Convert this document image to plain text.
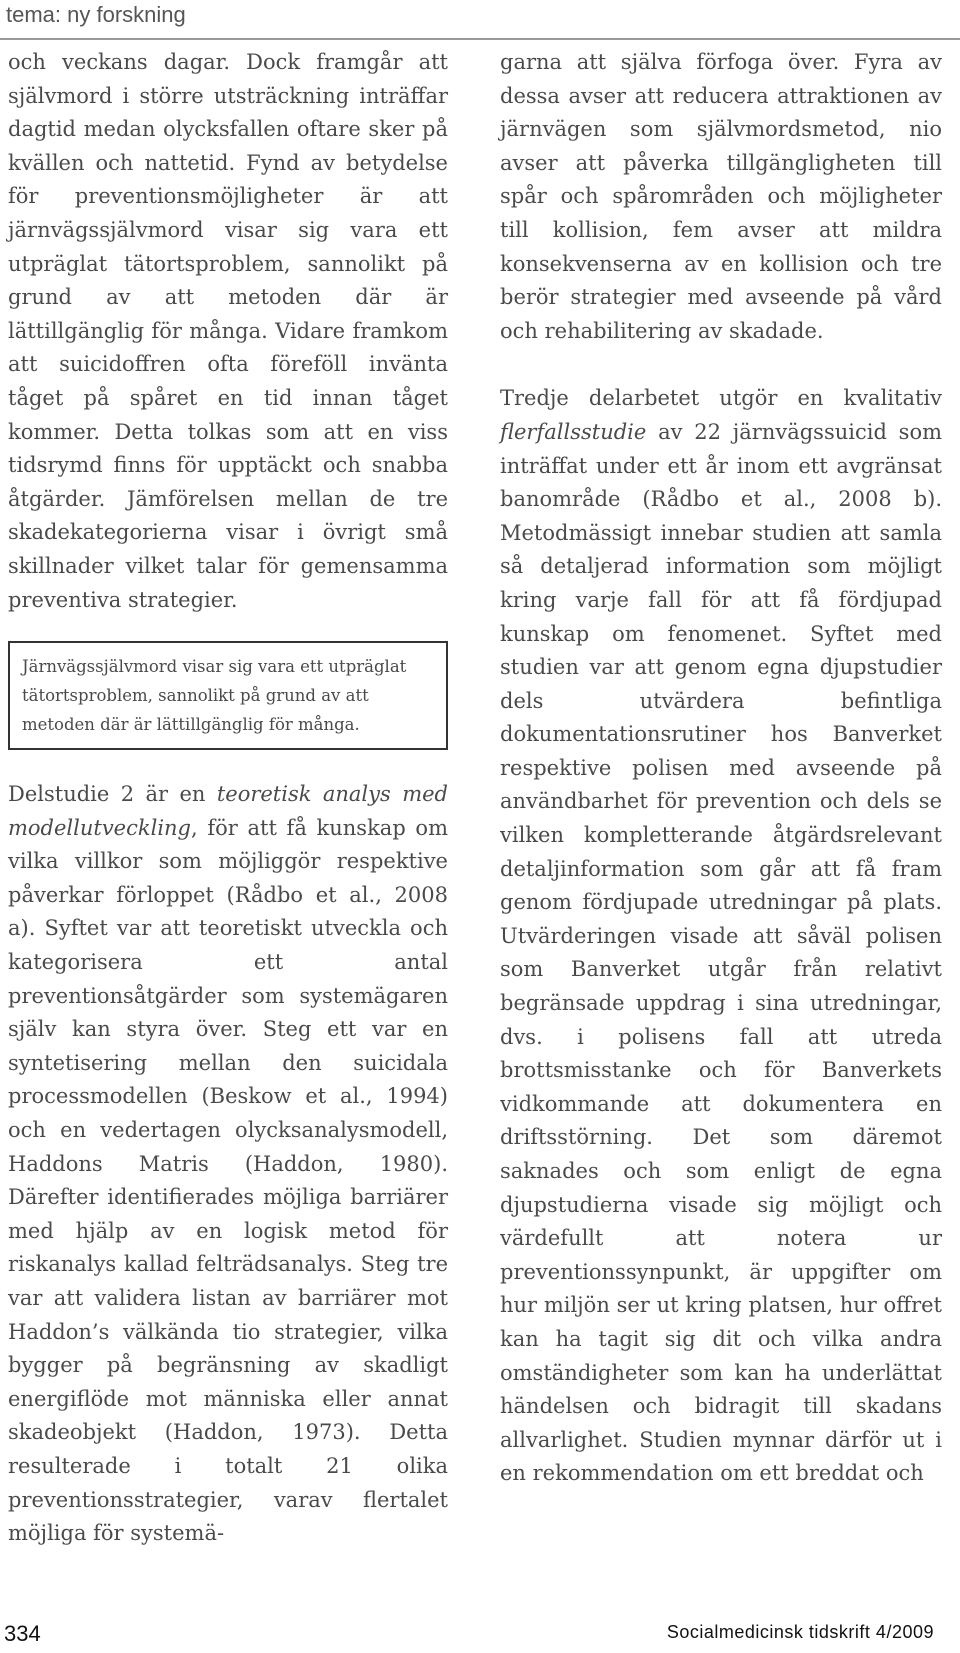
tema: ny forskning

och veckans dagar. Dock framgår att självmord i större utsträckning inträffar dagtid medan olycksfallen oftare sker på kvällen och nattetid. Fynd av betydelse för preventionsmöjligheter är att järnvägssjälvmord visar sig vara ett utpräglat tätortsproblem, sannolikt på grund av att metoden där är lättillgänglig för många. Vidare framkom att suicidoffren ofta föreföll invänta tåget på spåret en tid innan tåget kommer. Detta tolkas som att en viss tidsrymd finns för upptäckt och snabba åtgärder. Jämförelsen mellan de tre skadekategorierna visar i övrigt små skillnader vilket talar för gemensamma preventiva strategier.

Järnvägssjälvmord visar sig vara ett utpräglat tätortsproblem, sannolikt på grund av att metoden där är lättillgänglig för många.

Delstudie 2 är en teoretisk analys med modellutveckling, för att få kunskap om vilka villkor som möjliggör respektive påverkar förloppet (Rådbo et al., 2008 a). Syftet var att teoretiskt utveckla och kategorisera ett antal preventionsåtgärder som systemägaren själv kan styra över. Steg ett var en syntetisering mellan den suicidala processmodellen (Beskow et al., 1994) och en vedertagen olycksanalysmodell, Haddons Matris (Haddon, 1980). Därefter identifierades möjliga barriärer med hjälp av en logisk metod för riskanalys kallad felträdsanalys. Steg tre var att validera listan av barriärer mot Haddon’s välkända tio strategier, vilka bygger på begränsning av skadligt energiflöde mot människa eller annat skadeobjekt (Haddon, 1973). Detta resulterade i totalt 21 olika preventionsstrategier, varav flertalet möjliga för systemä-

garna att själva förfoga över. Fyra av dessa avser att reducera attraktionen av järnvägen som självmordsmetod, nio avser att påverka tillgängligheten till spår och spårområden och möjligheter till kollision, fem avser att mildra konsekvenserna av en kollision och tre berör strategier med avseende på vård och rehabilitering av skadade.

Tredje delarbetet utgör en kvalitativ flerfallsstudie av 22 järnvägssuicid som inträffat under ett år inom ett avgränsat banområde (Rådbo et al., 2008 b). Metodmässigt innebar studien att samla så detaljerad information som möjligt kring varje fall för att få fördjupad kunskap om fenomenet. Syftet med studien var att genom egna djupstudier dels utvärdera befintliga dokumentationsrutiner hos Banverket respektive polisen med avseende på användbarhet för prevention och dels se vilken kompletterande åtgärdsrelevant detaljinformation som går att få fram genom fördjupade utredningar på plats. Utvärderingen visade att såväl polisen som Banverket utgår från relativt begränsade uppdrag i sina utredningar, dvs. i polisens fall att utreda brottsmisstanke och för Banverkets vidkommande att dokumentera en driftsstörning. Det som däremot saknades och som enligt de egna djupstudierna visade sig möjligt och värdefullt att notera ur preventionssynpunkt, är uppgifter om hur miljön ser ut kring platsen, hur offret kan ha tagit sig dit och vilka andra omständigheter som kan ha underlättat händelsen och bidragit till skadans allvarlighet. Studien mynnar därför ut i en rekommendation om ett breddat och

334	Socialmedicinsk tidskrift 4/2009
